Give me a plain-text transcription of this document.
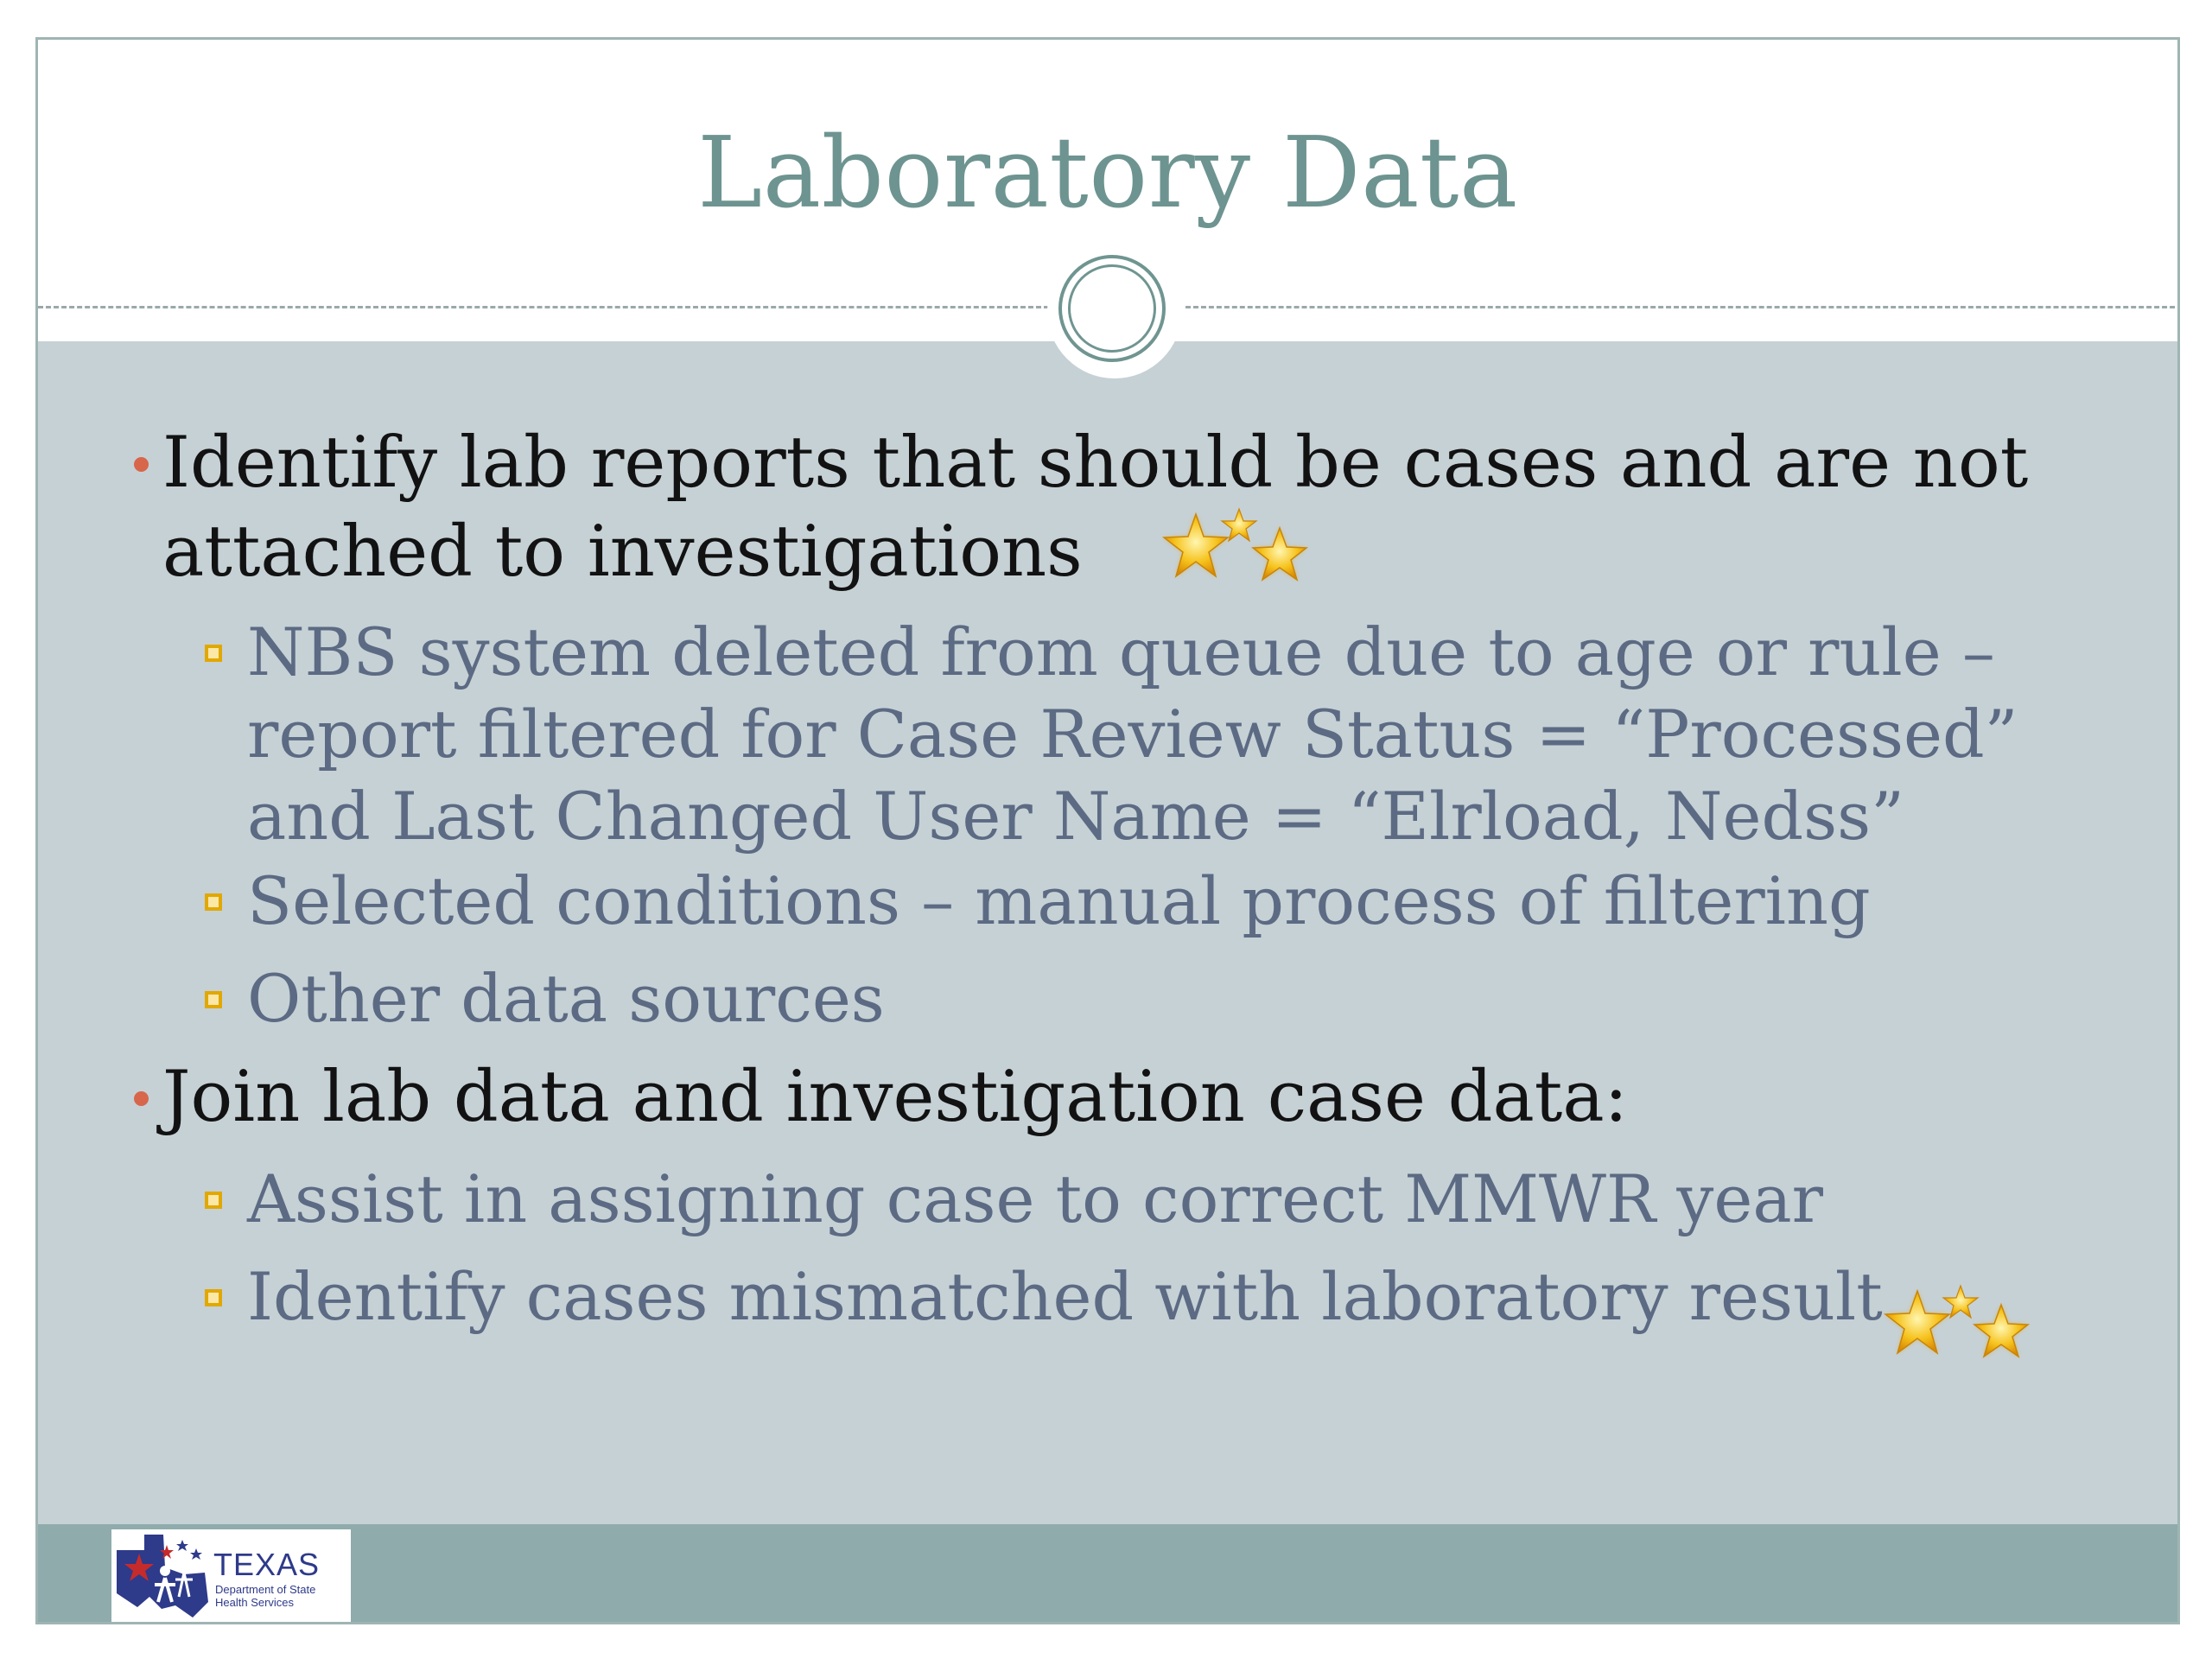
Laboratory Data
Identify lab reports that should be cases and are not attached to investigations
NBS system deleted from queue due to age or rule – report filtered for Case Review Status = “Processed” and Last Changed User Name = “Elrload, Nedss”
Selected conditions – manual process of filtering
Other data sources
Join lab data and investigation case data:
Assist in assigning case to correct MMWR year
Identify cases mismatched with laboratory result
TEXAS
Department of State Health Services
